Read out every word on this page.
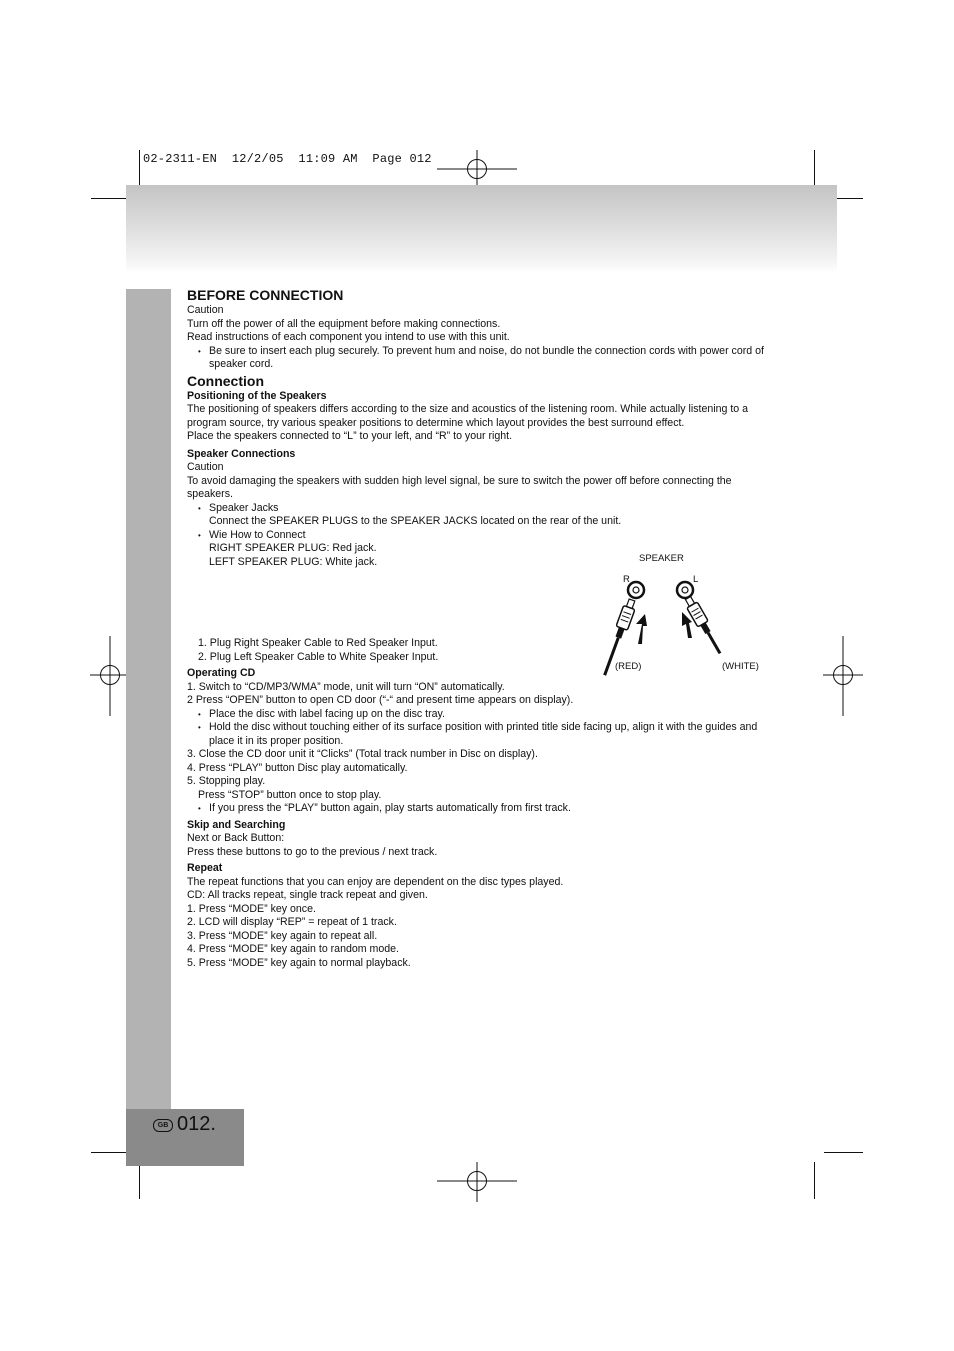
02-2311-EN  12/2/05  11:09 AM  Page 012
GB 012.

BEFORE CONNECTION

Caution

Turn off the power of all the equipment before making connections.

Read instructions of each component you intend to use with this unit.

• Be sure to insert each plug securely. To prevent hum and noise, do not bundle the connection cords with power cord of speaker cord.

Connection

Positioning of the Speakers

The positioning of speakers differs according to the size and acoustics of the listening room. While actually listening to a program source, try various speaker positions to determine which layout provides the best surround effect.

Place the speakers connected to “L” to your left, and “R” to your right.

Speaker Connections

Caution

To avoid damaging the speakers with sudden high level signal, be sure to switch the power off before connecting the speakers.

• Speaker Jacks

Connect the SPEAKER PLUGS to the SPEAKER JACKS located on the rear of the unit.

• Wie How to Connect

RIGHT SPEAKER PLUG: Red jack.

LEFT SPEAKER PLUG: White jack.

1. Plug Right Speaker Cable to Red Speaker Input.

2. Plug Left Speaker Cable to White Speaker Input.

Operating CD

1. Switch to “CD/MP3/WMA” mode, unit will turn “ON” automatically.

2 Press “OPEN” button to open CD door (“-“ and present time appears on display).

• Place the disc with label facing up on the disc tray.

• Hold the disc without touching either of its surface position with printed title side facing up, align it with the guides and place it in its proper position.

3. Close the CD door unit it “Clicks” (Total track number in Disc on display).

4. Press “PLAY” button Disc play automatically.

5. Stopping play.

Press “STOP” button once to stop play.

• If you press the “PLAY” button again, play starts automatically from first track.

Skip and Searching

Next or Back Button:

Press these buttons to go to the previous / next track.

Repeat

The repeat functions that you can enjoy are dependent on the disc types played.

CD: All tracks repeat, single track repeat and given.

1. Press “MODE” key once.

2. LCD will display “REP” = repeat of 1 track.

3. Press “MODE” key again to repeat all.

4. Press “MODE” key again to random mode.

5. Press “MODE” key again to normal playback.

SPEAKER
R	L
(RED)	(WHITE)
